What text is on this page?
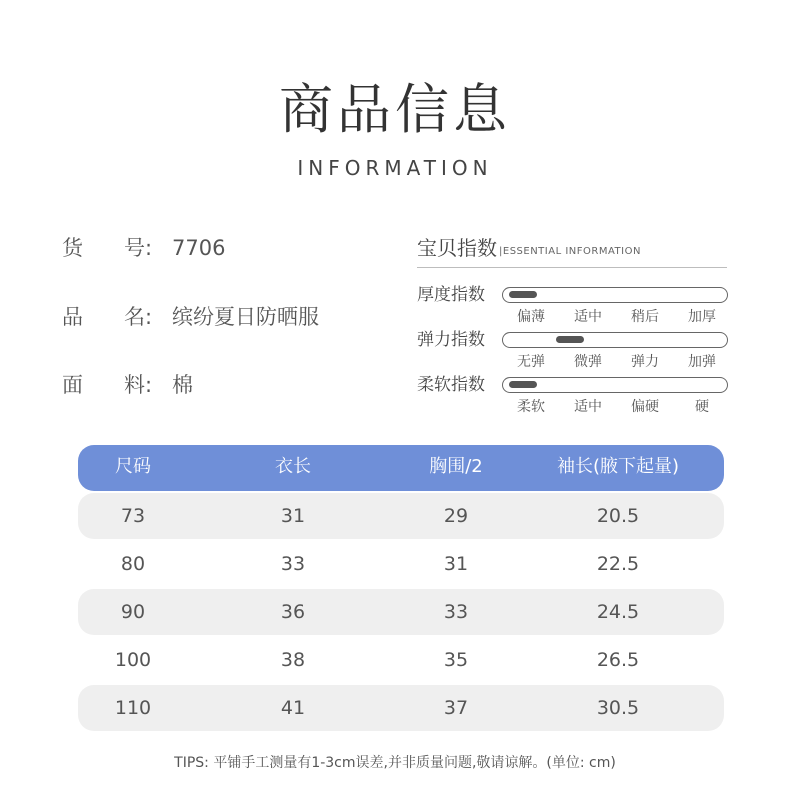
商品信息
INFORMATION
货 号: 7706
品 名: 缤纷夏日防晒服
面 料: 棉
宝贝指数 |ESSENTIAL INFORMATION
厚度指数
偏薄	适中	稍后	加厚
弹力指数
无弹	微弹	弹力	加弹
柔软指数
柔软	适中	偏硬	硬
尺码	衣长	胸围/2	袖长(腋下起量)
73	31	29	20.5
80	33	31	22.5
90	36	33	24.5
100	38	35	26.5
110	41	37	30.5
TIPS: 平铺手工测量有1-3cm误差,并非质量问题,敬请谅解。(单位: cm)
